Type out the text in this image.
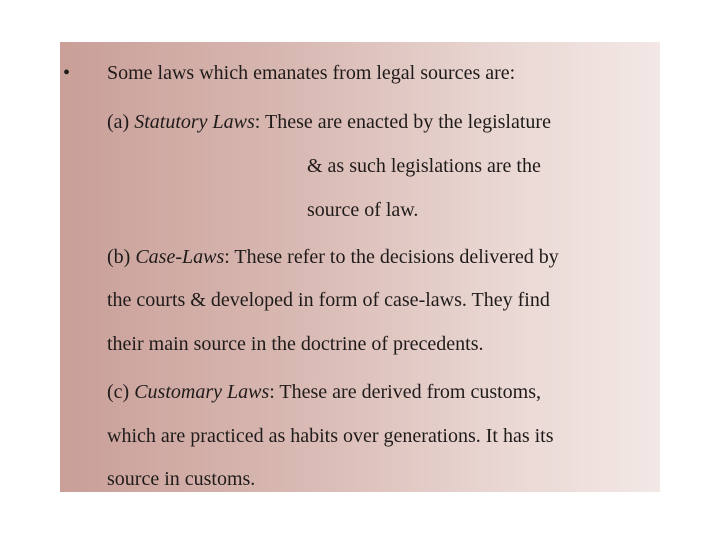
• Some laws which emanates from legal sources are:
(a) Statutory Laws: These are enacted by the legislature
& as such legislations are the
source of law.
(b) Case-Laws: These refer to the decisions delivered by
the courts & developed in form of case-laws. They find
their main source in the doctrine of precedents.
(c) Customary Laws: These are derived from customs,
which are practiced as habits over generations. It has its
source in customs.
